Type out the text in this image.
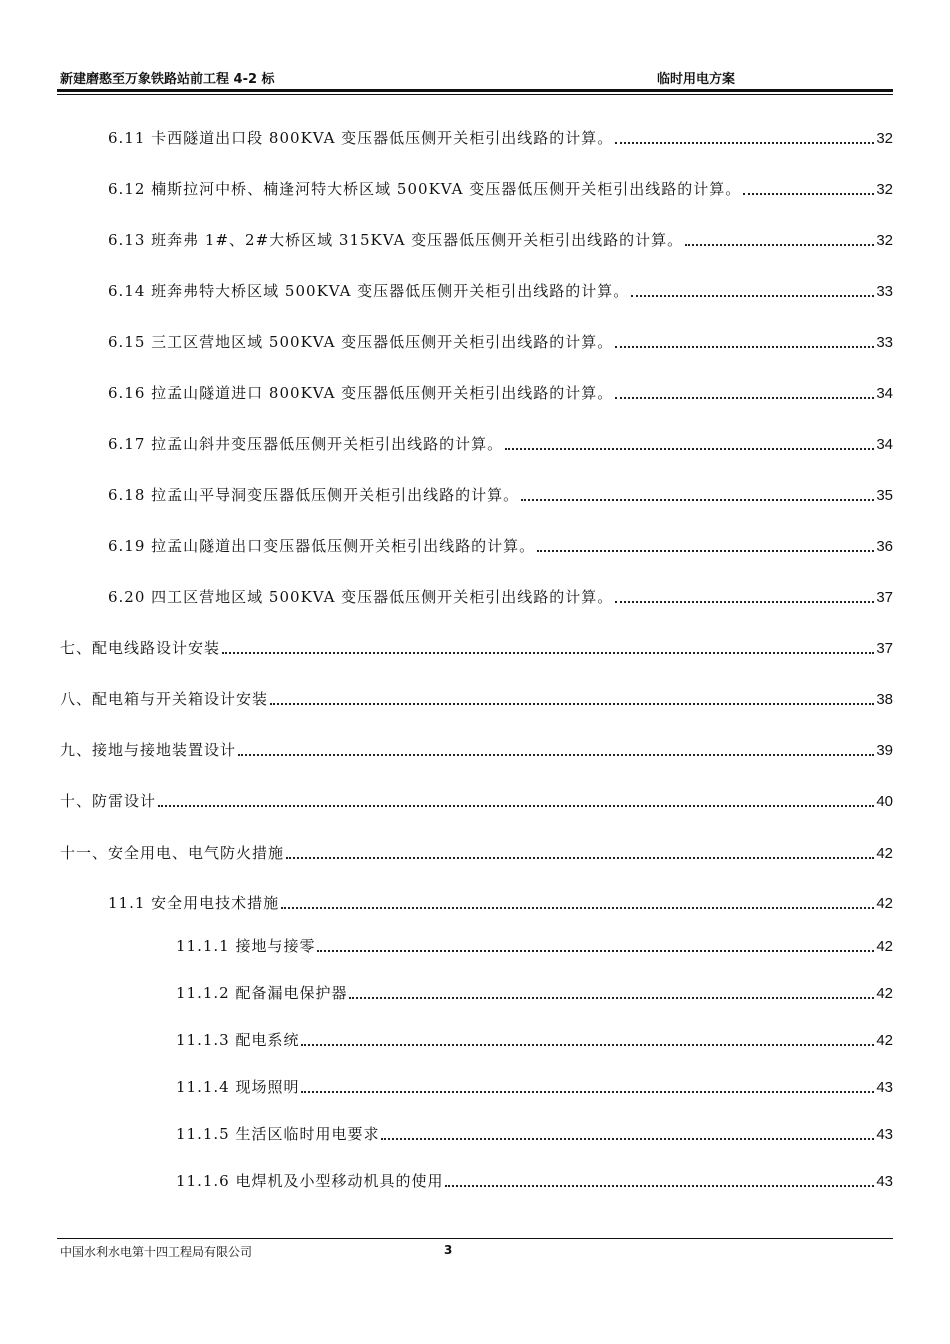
新建磨憨至万象铁路站前工程 4-2 标	临时用电方案
6.11 卡西隧道出口段 800KVA 变压器低压侧开关柜引出线路的计算。	32
6.12 楠斯拉河中桥、楠逢河特大桥区域 500KVA 变压器低压侧开关柜引出线路的计算。	32
6.13 班奔弗 1#、2#大桥区域 315KVA 变压器低压侧开关柜引出线路的计算。	32
6.14 班奔弗特大桥区域 500KVA 变压器低压侧开关柜引出线路的计算。	33
6.15 三工区营地区域 500KVA 变压器低压侧开关柜引出线路的计算。	33
6.16 拉孟山隧道进口 800KVA 变压器低压侧开关柜引出线路的计算。	34
6.17 拉孟山斜井变压器低压侧开关柜引出线路的计算。	34
6.18 拉孟山平导洞变压器低压侧开关柜引出线路的计算。	35
6.19 拉孟山隧道出口变压器低压侧开关柜引出线路的计算。	36
6.20 四工区营地区域 500KVA 变压器低压侧开关柜引出线路的计算。	37
七、配电线路设计安装	37
八、配电箱与开关箱设计安装	38
九、接地与接地装置设计	39
十、防雷设计	40
十一、安全用电、电气防火措施	42
11.1 安全用电技术措施	42
11.1.1 接地与接零	42
11.1.2 配备漏电保护器	42
11.1.3 配电系统	42
11.1.4 现场照明	43
11.1.5 生活区临时用电要求	43
11.1.6 电焊机及小型移动机具的使用	43
中国水利水电第十四工程局有限公司	3
